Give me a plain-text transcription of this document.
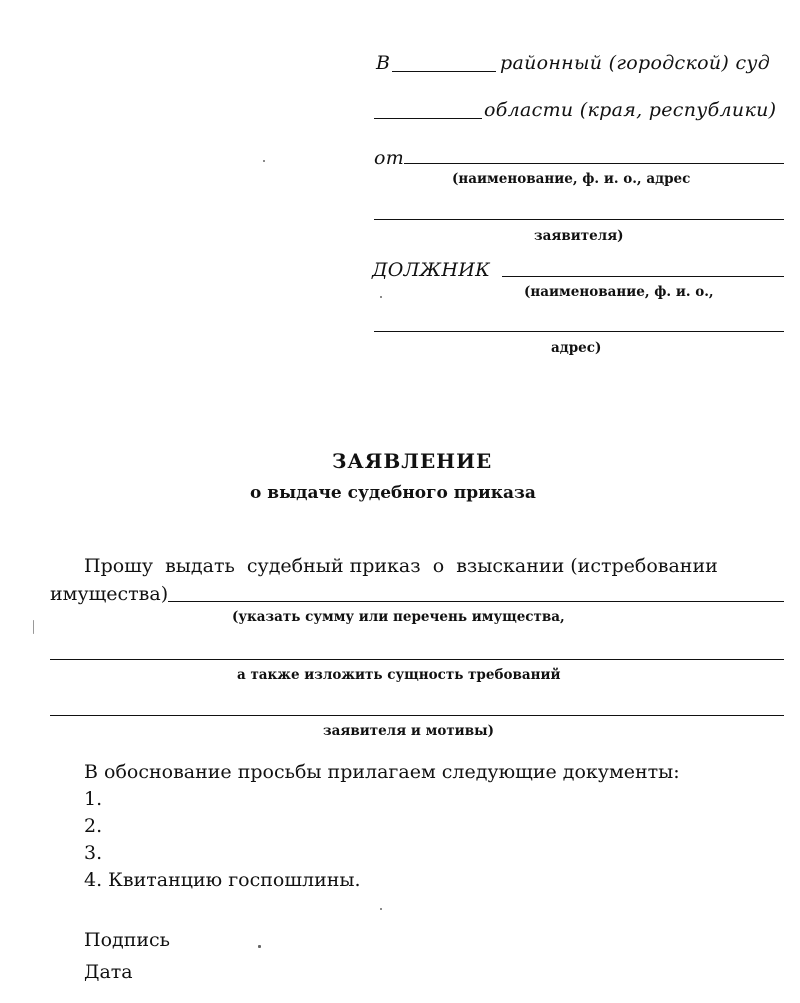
В	районный (городской) суд
области (края, республики)
от
(наименование, ф. и. о., адрес
заявителя)
ДОЛЖНИК
(наименование, ф. и. о.,
адрес)
ЗАЯВЛЕНИЕ
о выдаче судебного приказа
Прошу  выдать  судебный приказ  о  взыскании (истребовании
имущества)
(указать сумму или перечень имущества,
а также изложить сущность требований
заявителя и мотивы)
В обоснование просьбы прилагаем следующие документы:
1.
2.
3.
4. Квитанцию госпошлины.
Подпись
Дата
